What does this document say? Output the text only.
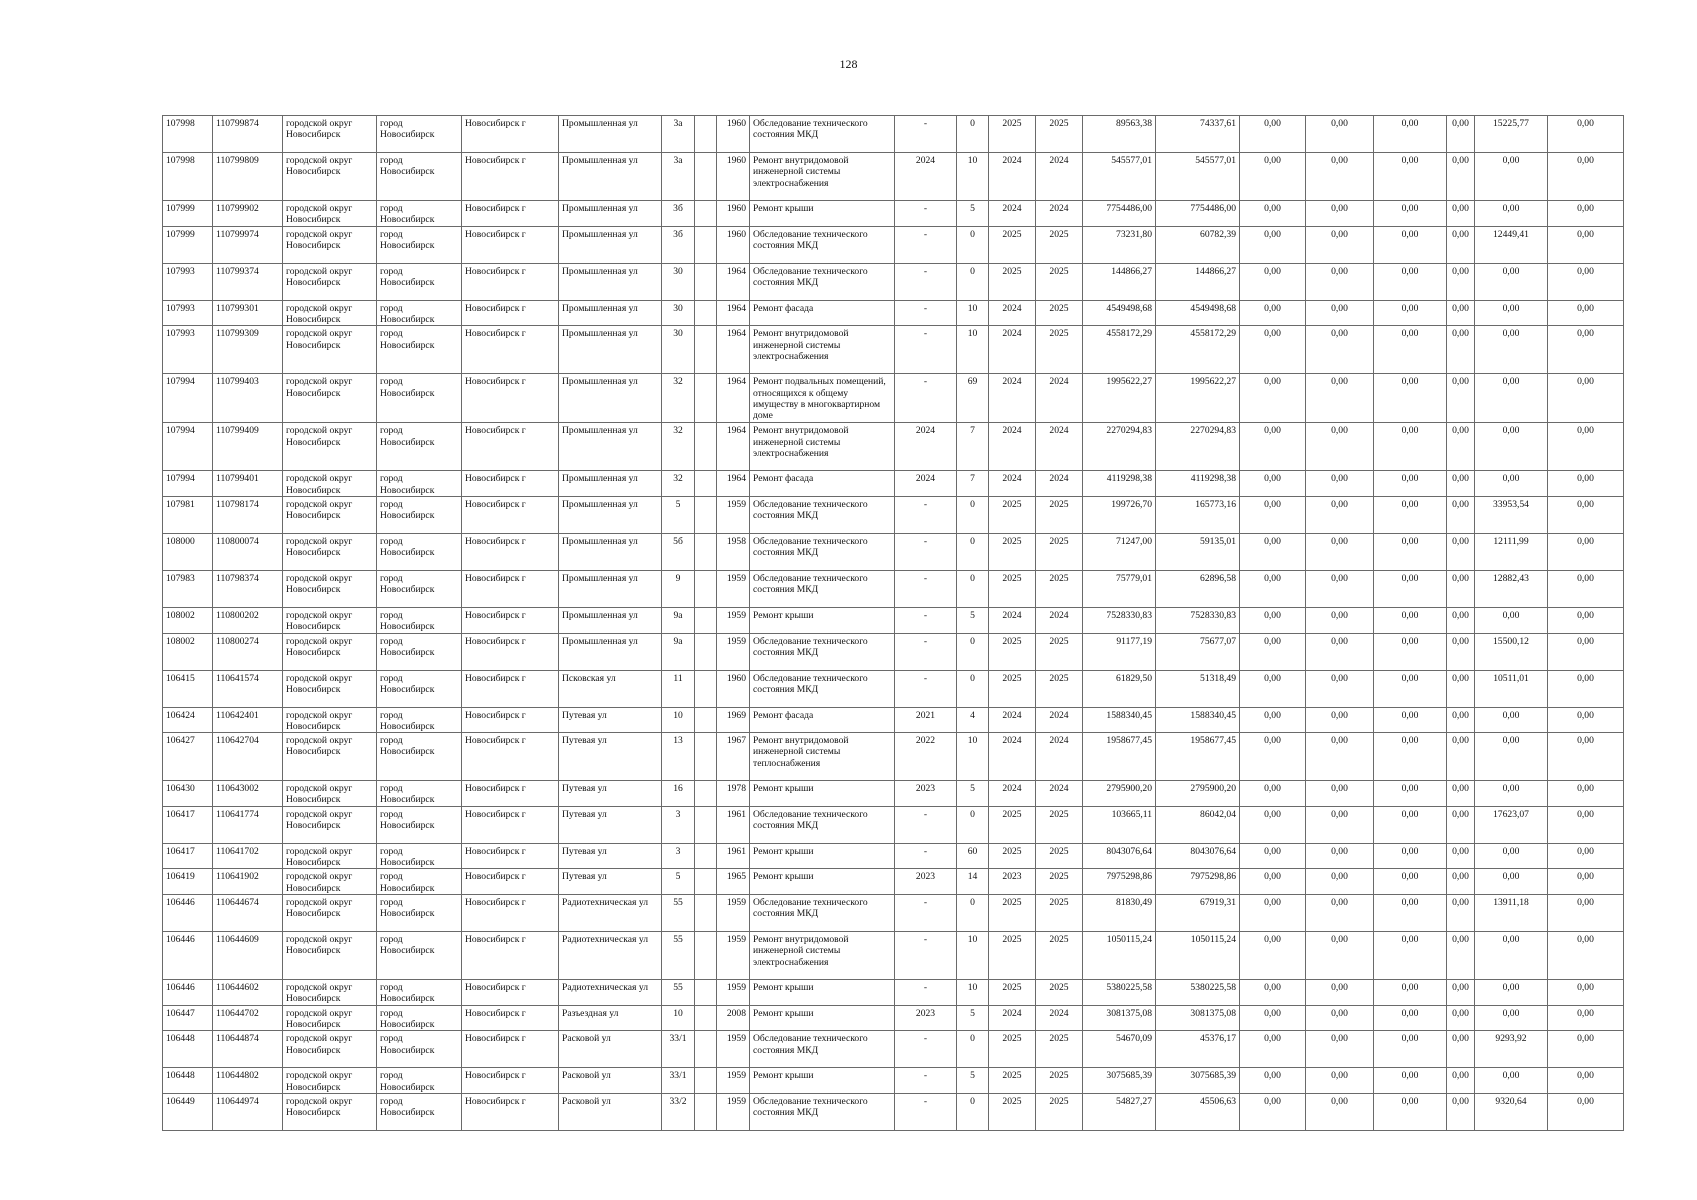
128
107998	110799874	городской округ Новосибирск	город Новосибирск	Новосибирск г	Промышленная ул	3а		1960	Обследование технического состояния МКД	-	0	2025	2025	89563,38	74337,61	0,00	0,00	0,00	0,00	15225,77	0,00
107998	110799809	городской округ Новосибирск	город Новосибирск	Новосибирск г	Промышленная ул	3а		1960	Ремонт внутридомовой инженерной системы электроснабжения	2024	10	2024	2024	545577,01	545577,01	0,00	0,00	0,00	0,00	0,00	0,00
107999	110799902	городской округ Новосибирск	город Новосибирск	Новосибирск г	Промышленная ул	3б		1960	Ремонт крыши	-	5	2024	2024	7754486,00	7754486,00	0,00	0,00	0,00	0,00	0,00	0,00
107999	110799974	городской округ Новосибирск	город Новосибирск	Новосибирск г	Промышленная ул	3б		1960	Обследование технического состояния МКД	-	0	2025	2025	73231,80	60782,39	0,00	0,00	0,00	0,00	12449,41	0,00
107993	110799374	городской округ Новосибирск	город Новосибирск	Новосибирск г	Промышленная ул	30		1964	Обследование технического состояния МКД	-	0	2025	2025	144866,27	144866,27	0,00	0,00	0,00	0,00	0,00	0,00
107993	110799301	городской округ Новосибирск	город Новосибирск	Новосибирск г	Промышленная ул	30		1964	Ремонт фасада	-	10	2024	2025	4549498,68	4549498,68	0,00	0,00	0,00	0,00	0,00	0,00
107993	110799309	городской округ Новосибирск	город Новосибирск	Новосибирск г	Промышленная ул	30		1964	Ремонт внутридомовой инженерной системы электроснабжения	-	10	2024	2025	4558172,29	4558172,29	0,00	0,00	0,00	0,00	0,00	0,00
107994	110799403	городской округ Новосибирск	город Новосибирск	Новосибирск г	Промышленная ул	32		1964	Ремонт подвальных помещений, относящихся к общему имуществу в многоквартирном доме	-	69	2024	2024	1995622,27	1995622,27	0,00	0,00	0,00	0,00	0,00	0,00
107994	110799409	городской округ Новосибирск	город Новосибирск	Новосибирск г	Промышленная ул	32		1964	Ремонт внутридомовой инженерной системы электроснабжения	2024	7	2024	2024	2270294,83	2270294,83	0,00	0,00	0,00	0,00	0,00	0,00
107994	110799401	городской округ Новосибирск	город Новосибирск	Новосибирск г	Промышленная ул	32		1964	Ремонт фасада	2024	7	2024	2024	4119298,38	4119298,38	0,00	0,00	0,00	0,00	0,00	0,00
107981	110798174	городской округ Новосибирск	город Новосибирск	Новосибирск г	Промышленная ул	5		1959	Обследование технического состояния МКД	-	0	2025	2025	199726,70	165773,16	0,00	0,00	0,00	0,00	33953,54	0,00
108000	110800074	городской округ Новосибирск	город Новосибирск	Новосибирск г	Промышленная ул	5б		1958	Обследование технического состояния МКД	-	0	2025	2025	71247,00	59135,01	0,00	0,00	0,00	0,00	12111,99	0,00
107983	110798374	городской округ Новосибирск	город Новосибирск	Новосибирск г	Промышленная ул	9		1959	Обследование технического состояния МКД	-	0	2025	2025	75779,01	62896,58	0,00	0,00	0,00	0,00	12882,43	0,00
108002	110800202	городской округ Новосибирск	город Новосибирск	Новосибирск г	Промышленная ул	9а		1959	Ремонт крыши	-	5	2024	2024	7528330,83	7528330,83	0,00	0,00	0,00	0,00	0,00	0,00
108002	110800274	городской округ Новосибирск	город Новосибирск	Новосибирск г	Промышленная ул	9а		1959	Обследование технического состояния МКД	-	0	2025	2025	91177,19	75677,07	0,00	0,00	0,00	0,00	15500,12	0,00
106415	110641574	городской округ Новосибирск	город Новосибирск	Новосибирск г	Псковская ул	11		1960	Обследование технического состояния МКД	-	0	2025	2025	61829,50	51318,49	0,00	0,00	0,00	0,00	10511,01	0,00
106424	110642401	городской округ Новосибирск	город Новосибирск	Новосибирск г	Путевая ул	10		1969	Ремонт фасада	2021	4	2024	2024	1588340,45	1588340,45	0,00	0,00	0,00	0,00	0,00	0,00
106427	110642704	городской округ Новосибирск	город Новосибирск	Новосибирск г	Путевая ул	13		1967	Ремонт внутридомовой инженерной системы теплоснабжения	2022	10	2024	2024	1958677,45	1958677,45	0,00	0,00	0,00	0,00	0,00	0,00
106430	110643002	городской округ Новосибирск	город Новосибирск	Новосибирск г	Путевая ул	16		1978	Ремонт крыши	2023	5	2024	2024	2795900,20	2795900,20	0,00	0,00	0,00	0,00	0,00	0,00
106417	110641774	городской округ Новосибирск	город Новосибирск	Новосибирск г	Путевая ул	3		1961	Обследование технического состояния МКД	-	0	2025	2025	103665,11	86042,04	0,00	0,00	0,00	0,00	17623,07	0,00
106417	110641702	городской округ Новосибирск	город Новосибирск	Новосибирск г	Путевая ул	3		1961	Ремонт крыши	-	60	2025	2025	8043076,64	8043076,64	0,00	0,00	0,00	0,00	0,00	0,00
106419	110641902	городской округ Новосибирск	город Новосибирск	Новосибирск г	Путевая ул	5		1965	Ремонт крыши	2023	14	2023	2025	7975298,86	7975298,86	0,00	0,00	0,00	0,00	0,00	0,00
106446	110644674	городской округ Новосибирск	город Новосибирск	Новосибирск г	Радиотехническая ул	55		1959	Обследование технического состояния МКД	-	0	2025	2025	81830,49	67919,31	0,00	0,00	0,00	0,00	13911,18	0,00
106446	110644609	городской округ Новосибирск	город Новосибирск	Новосибирск г	Радиотехническая ул	55		1959	Ремонт внутридомовой инженерной системы электроснабжения	-	10	2025	2025	1050115,24	1050115,24	0,00	0,00	0,00	0,00	0,00	0,00
106446	110644602	городской округ Новосибирск	город Новосибирск	Новосибирск г	Радиотехническая ул	55		1959	Ремонт крыши	-	10	2025	2025	5380225,58	5380225,58	0,00	0,00	0,00	0,00	0,00	0,00
106447	110644702	городской округ Новосибирск	город Новосибирск	Новосибирск г	Разъездная ул	10		2008	Ремонт крыши	2023	5	2024	2024	3081375,08	3081375,08	0,00	0,00	0,00	0,00	0,00	0,00
106448	110644874	городской округ Новосибирск	город Новосибирск	Новосибирск г	Расковой ул	33/1		1959	Обследование технического состояния МКД	-	0	2025	2025	54670,09	45376,17	0,00	0,00	0,00	0,00	9293,92	0,00
106448	110644802	городской округ Новосибирск	город Новосибирск	Новосибирск г	Расковой ул	33/1		1959	Ремонт крыши	-	5	2025	2025	3075685,39	3075685,39	0,00	0,00	0,00	0,00	0,00	0,00
106449	110644974	городской округ Новосибирск	город Новосибирск	Новосибирск г	Расковой ул	33/2		1959	Обследование технического состояния МКД	-	0	2025	2025	54827,27	45506,63	0,00	0,00	0,00	0,00	9320,64	0,00
